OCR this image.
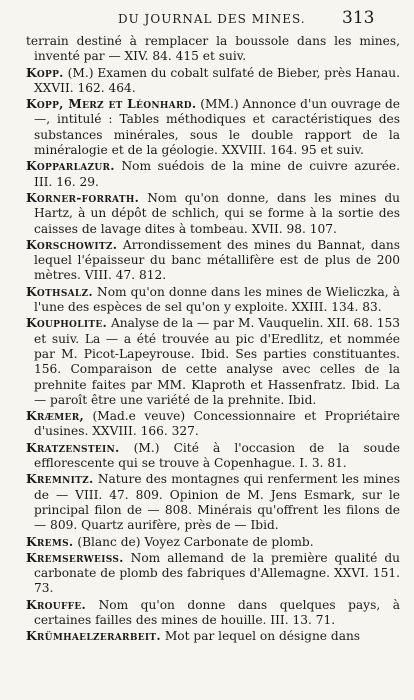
DU JOURNAL DES MINES. 313

terrain destiné à remplacer la boussole dans les mines, inventé par — XIV. 84. 415 et suiv.

Kopp. (M.) Examen du cobalt sulfaté de Bieber, près Hanau. XXVII. 162. 464.

Kopp, Merz et Léonhard. (MM.) Annonce d'un ouvrage de —, intitulé : Tables méthodiques et caractéristiques des substances minérales, sous le double rapport de la minéralogie et de la géologie. XXVIII. 164. 95 et suiv.

Kopparlazur. Nom suédois de la mine de cuivre azurée. III. 16. 29.

Korner-forrath. Nom qu'on donne, dans les mines du Hartz, à un dépôt de schlich, qui se forme à la sortie des caisses de lavage dites à tombeau. XVII. 98. 107.

Korschowitz. Arrondissement des mines du Bannat, dans lequel l'épaisseur du banc métallifère est de plus de 200 mètres. VIII. 47. 812.

Kothsalz. Nom qu'on donne dans les mines de Wieliczka, à l'une des espèces de sel qu'on y exploite. XXIII. 134. 83.

Koupholite. Analyse de la — par M. Vauquelin. XII. 68. 153 et suiv. La — a été trouvée au pic d'Eredlitz, et nommée par M. Picot-Lapeyrouse. Ibid. Ses parties constituantes. 156. Comparaison de cette analyse avec celles de la prehnite faites par MM. Klaproth et Hassenfratz. Ibid. La — paroît être une variété de la prehnite. Ibid.

Kræmer, (Mad.e veuve) Concessionnaire et Propriétaire d'usines. XXVIII. 166. 327.

Kratzenstein. (M.) Cité à l'occasion de la soude efflorescente qui se trouve à Copenhague. I. 3. 81.

Kremnitz. Nature des montagnes qui renferment les mines de — VIII. 47. 809. Opinion de M. Jens Esmark, sur le principal filon de — 808. Minérais qu'offrent les filons de — 809. Quartz aurifère, près de — Ibid.

Krems. (Blanc de) Voyez Carbonate de plomb.

Kremserweiss. Nom allemand de la première qualité du carbonate de plomb des fabriques d'Allemagne. XXVI. 151. 73.

Krouffe. Nom qu'on donne dans quelques pays, à certaines failles des mines de houille. III. 13. 71.

Krümhaelzerarbeit. Mot par lequel on désigne dans
